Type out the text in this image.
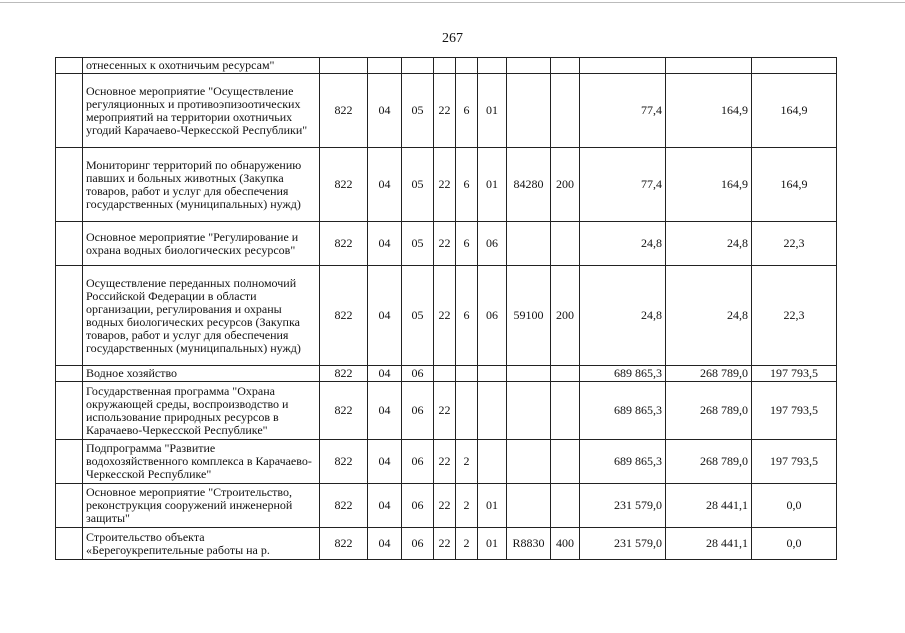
267
	отнесенных к охотничьим ресурсам"											
	Основное мероприятие "Осуществление регуляционных и противоэпизоотических мероприятий на территории охотничьих угодий Карачаево-Черкесской Республики"	822	04	05	22	6	01			77,4	164,9	164,9
	Мониторинг территорий по обнаружению павших и больных животных (Закупка товаров, работ и услуг для обеспечения государственных (муниципальных) нужд)	822	04	05	22	6	01	84280	200	77,4	164,9	164,9
	Основное мероприятие "Регулирование и охрана водных биологических ресурсов"	822	04	05	22	6	06			24,8	24,8	22,3
	Осуществление переданных полномочий Российской Федерации в области организации, регулирования и охраны водных биологических ресурсов (Закупка товаров, работ и услуг для обеспечения государственных (муниципальных) нужд)	822	04	05	22	6	06	59100	200	24,8	24,8	22,3
	Водное хозяйство	822	04	06						689 865,3	268 789,0	197 793,5
	Государственная программа "Охрана окружающей среды, воспроизводство и использование природных ресурсов в Карачаево-Черкесской Республике"	822	04	06	22					689 865,3	268 789,0	197 793,5
	Подпрограмма "Развитие водохозяйственного комплекса в Карачаево-Черкесской Республике"	822	04	06	22	2				689 865,3	268 789,0	197 793,5
	Основное мероприятие "Строительство, реконструкция сооружений инженерной защиты"	822	04	06	22	2	01			231 579,0	28 441,1	0,0
	Строительство объекта «Берегоукрепительные работы на р.	822	04	06	22	2	01	R8830	400	231 579,0	28 441,1	0,0
